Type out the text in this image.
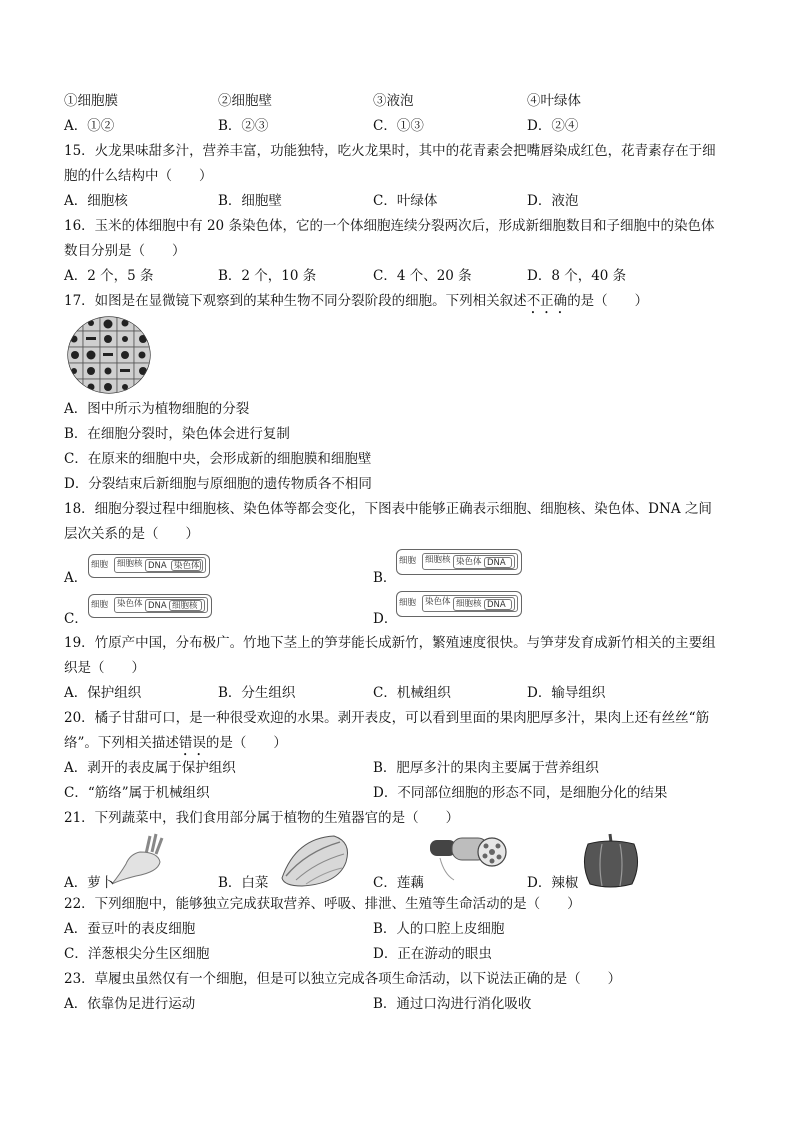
①细胞膜	②细胞壁	③液泡	④叶绿体
A．①②	B．②③	C．①③	D．②④
15．火龙果味甜多汁，营养丰富，功能独特，吃火龙果时，其中的花青素会把嘴唇染成红色，花青素存在于细
胞的什么结构中（　　）
A．细胞核	B．细胞壁	C．叶绿体	D．液泡
16．玉米的体细胞中有 20 条染色体，它的一个体细胞连续分裂两次后，形成新细胞数目和子细胞中的染色体
数目分别是（　　）
A．2 个，5 条	B．2 个，10 条	C．4 个、20 条	D．8 个，40 条
17．如图是在显微镜下观察到的某种生物不同分裂阶段的细胞。下列相关叙述不正确的是（　　）
A．图中所示为植物细胞的分裂
B．在细胞分裂时，染色体会进行复制
C．在原来的细胞中央，会形成新的细胞膜和细胞壁
D．分裂结束后新细胞与原细胞的遗传物质各不相同
18．细胞分裂过程中细胞核、染色体等都会变化，下图表中能够正确表示细胞、细胞核、染色体、DNA 之间
层次关系的是（　　）
A．
细胞	细胞核 DNA 染色体
B．
细胞	细胞核 染色体 DNA
C．
细胞	染色体 DNA 细胞核
D．
细胞	染色体 细胞核 DNA
19．竹原产中国，分布极广。竹地下茎上的笋芽能长成新竹，繁殖速度很快。与笋芽发育成新竹相关的主要组
织是（　　）
A．保护组织	B．分生组织	C．机械组织	D．输导组织
20．橘子甘甜可口，是一种很受欢迎的水果。剥开表皮，可以看到里面的果肉肥厚多汁，果肉上还有丝丝“筋
络”。下列相关描述错误的是（　　）
A．剥开的表皮属于保护组织	B．肥厚多汁的果肉主要属于营养组织
C．“筋络”属于机械组织	D．不同部位细胞的形态不同，是细胞分化的结果
21．下列蔬菜中，我们食用部分属于植物的生殖器官的是（　　）
A．萝卜	B．白菜	C．莲藕	D．辣椒
22．下列细胞中，能够独立完成获取营养、呼吸、排泄、生殖等生命活动的是（　　）
A．蚕豆叶的表皮细胞	B．人的口腔上皮细胞
C．洋葱根尖分生区细胞	D．正在游动的眼虫
23．草履虫虽然仅有一个细胞，但是可以独立完成各项生命活动，以下说法正确的是（　　）
A．依靠伪足进行运动	B．通过口沟进行消化吸收
